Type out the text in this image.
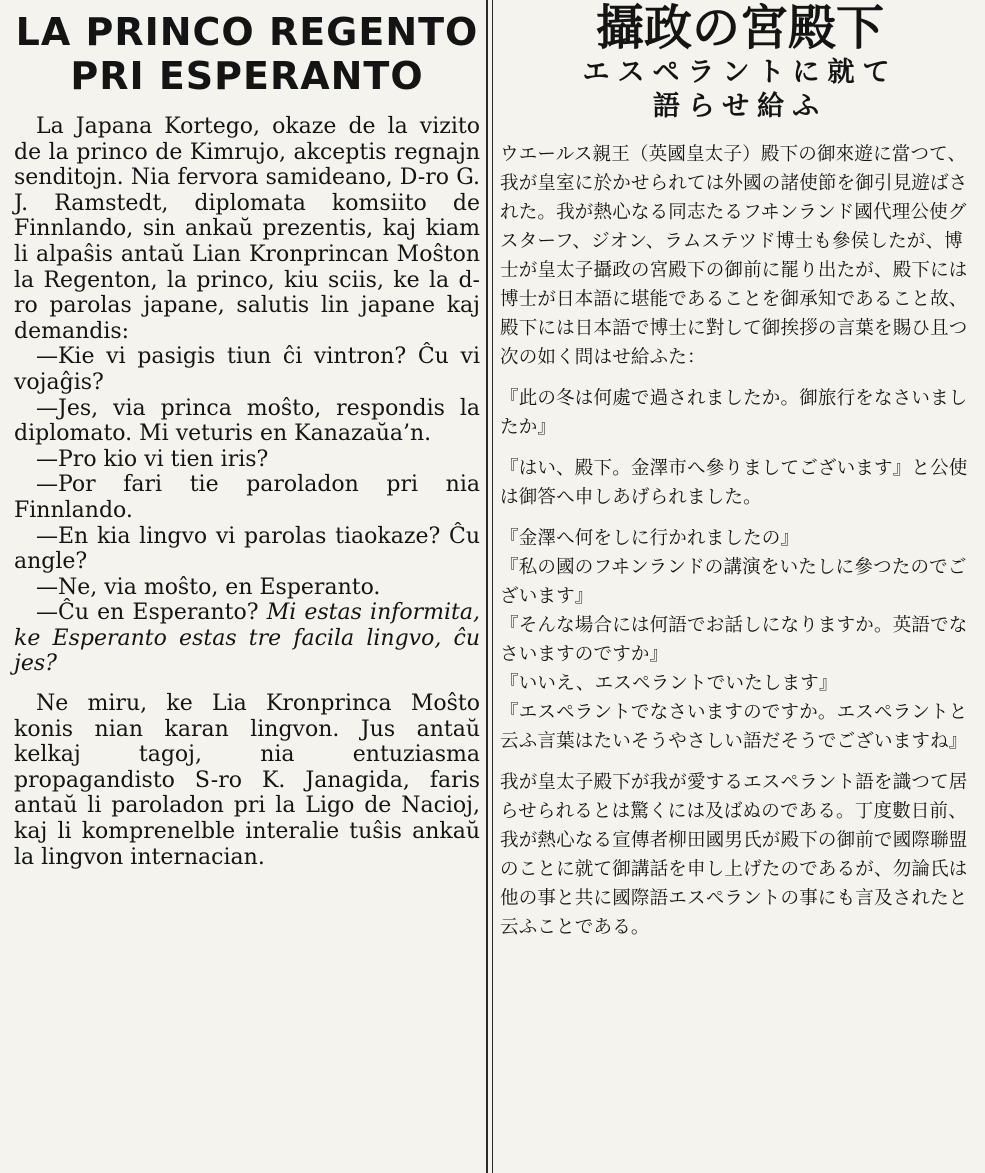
LA PRINCO REGENTO
PRI ESPERANTO

La Japana Kortego, okaze de la vizito de la princo de Kimrujo, akceptis regnajn senditojn. Nia fervora samideano, D-ro G. J. Ramstedt, diplomata komsiito de Finnlando, sin ankaŭ prezentis, kaj kiam li alpaŝis antaŭ Lian Kronprincan Moŝton la Regenton, la princo, kiu sciis, ke la d-ro parolas japane, salutis lin japane kaj demandis:

—Kie vi pasigis tiun ĉi vintron? Ĉu vi vojaĝis?

—Jes, via princa moŝto, respondis la diplomato. Mi veturis en Kanazaŭa’n.

—Pro kio vi tien iris?

—Por fari tie paroladon pri nia Finnlando.

—En kia lingvo vi parolas tiaokaze? Ĉu angle?

—Ne, via moŝto, en Esperanto.

—Ĉu en Esperanto? Mi estas informita, ke Esperanto estas tre facila lingvo, ĉu jes?

Ne miru, ke Lia Kronprinca Moŝto konis nian karan lingvon. Jus antaŭ kelkaj tagoj, nia entuziasma propagandisto S-ro K. Janagida, faris antaŭ li paroladon pri la Ligo de Nacioj, kaj li komprenelble interalie tuŝis ankaŭ la lingvon internacian.

攝政の宮殿下
エスペラントに就て
語らせ給ふ

ウエールス親王（英國皇太子）殿下の御來遊に當つて、我が皇室に於かせられては外國の諸使節を御引見遊ばされた。我が熱心なる同志たるフヰンランド國代理公使グスターフ、ジオン、ラムステツド博士も參侯したが、博士が皇太子攝政の宮殿下の御前に罷り出たが、殿下には博士が日本語に堪能であることを御承知であること故、殿下には日本語で博士に對して御挨拶の言葉を賜ひ且つ次の如く問はせ給ふた：

『此の冬は何處で過されましたか。御旅行をなさいましたか』

『はい、殿下。金澤市へ參りましてございます』と公使は御答へ申しあげられました。

『金澤へ何をしに行かれましたの』

『私の國のフヰンランドの講演をいたしに參つたのでございます』

『そんな場合には何語でお話しになりますか。英語でなさいますのですか』

『いいえ、エスペラントでいたします』

『エスペラントでなさいますのですか。エスペラントと云ふ言葉はたいそうやさしい語だそうでございますね』

我が皇太子殿下が我が愛するエスペラント語を識つて居らせられるとは驚くには及ばぬのである。丁度數日前、我が熱心なる宣傳者柳田國男氏が殿下の御前で國際聯盟のことに就て御講話を申し上げたのであるが、勿論氏は他の事と共に國際語エスペラントの事にも言及されたと云ふことである。
